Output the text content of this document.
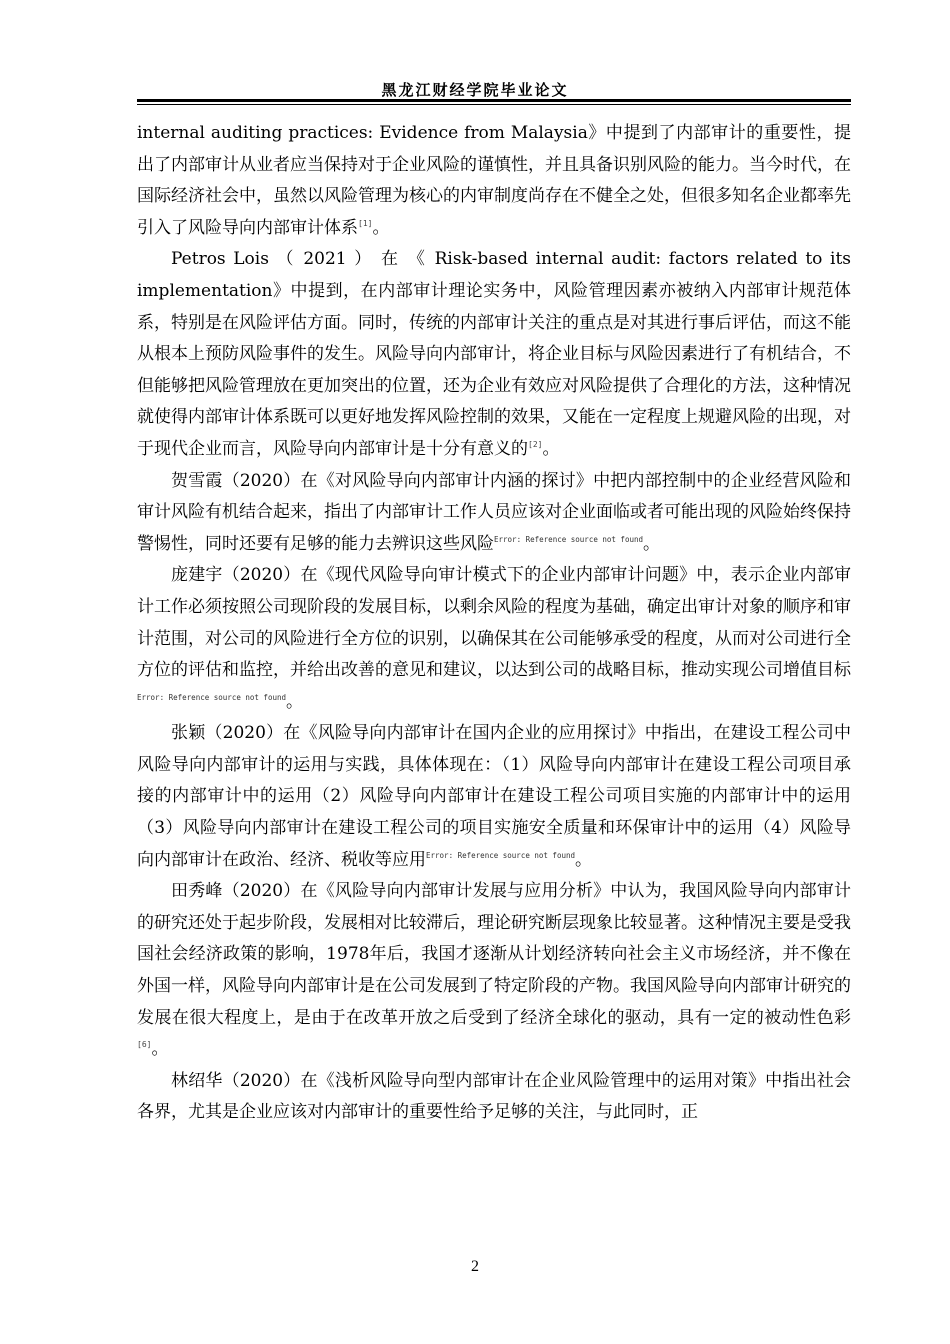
黑龙江财经学院毕业论文

internal auditing practices: Evidence from Malaysia》中提到了内部审计的重要性，提出了内部审计从业者应当保持对于企业风险的谨慎性，并且具备识别风险的能力。当今时代，在国际经济社会中，虽然以风险管理为核心的内审制度尚存在不健全之处，但很多知名企业都率先引入了风险导向内部审计体系[1]。

Petros Lois （ 2021 ） 在 《 Risk-based internal audit: factors related to its implementation》中提到，在内部审计理论实务中，风险管理因素亦被纳入内部审计规范体系，特别是在风险评估方面。同时，传统的内部审计关注的重点是对其进行事后评估，而这不能从根本上预防风险事件的发生。风险导向内部审计，将企业目标与风险因素进行了有机结合，不但能够把风险管理放在更加突出的位置，还为企业有效应对风险提供了合理化的方法，这种情况就使得内部审计体系既可以更好地发挥风险控制的效果，又能在一定程度上规避风险的出现，对于现代企业而言，风险导向内部审计是十分有意义的[2]。

贺雪霞（2020）在《对风险导向内部审计内涵的探讨》中把内部控制中的企业经营风险和审计风险有机结合起来，指出了内部审计工作人员应该对企业面临或者可能出现的风险始终保持警惕性，同时还要有足够的能力去辨识这些风险$^{Error: Reference source not found}$。

庞建宇（2020）在《现代风险导向审计模式下的企业内部审计问题》中，表示企业内部审计工作必须按照公司现阶段的发展目标，以剩余风险的程度为基础，确定出审计对象的顺序和审计范围，对公司的风险进行全方位的识别，以确保其在公司能够承受的程度，从而对公司进行全方位的评估和监控，并给出改善的意见和建议，以达到公司的战略目标，推动实现公司增值目标$^{Error: Reference source not found}$。

张颖（2020）在《风险导向内部审计在国内企业的应用探讨》中指出，在建设工程公司中风险导向内部审计的运用与实践，具体体现在：（1）风险导向内部审计在建设工程公司项目承接的内部审计中的运用（2）风险导向内部审计在建设工程公司项目实施的内部审计中的运用（3）风险导向内部审计在建设工程公司的项目实施安全质量和环保审计中的运用（4）风险导向内部审计在政治、经济、税收等应用$^{Error: Reference source not found}$。

田秀峰（2020）在《风险导向内部审计发展与应用分析》中认为，我国风险导向内部审计的研究还处于起步阶段，发展相对比较滞后，理论研究断层现象比较显著。这种情况主要是受我国社会经济政策的影响，1978年后，我国才逐渐从计划经济转向社会主义市场经济，并不像在外国一样，风险导向内部审计是在公司发展到了特定阶段的产物。我国风险导向内部审计研究的发展在很大程度上，是由于在改革开放之后受到了经济全球化的驱动，具有一定的被动性色彩[6]。

林绍华（2020）在《浅析风险导向型内部审计在企业风险管理中的运用对策》中指出社会各界，尤其是企业应该对内部审计的重要性给予足够的关注，与此同时，正

2
